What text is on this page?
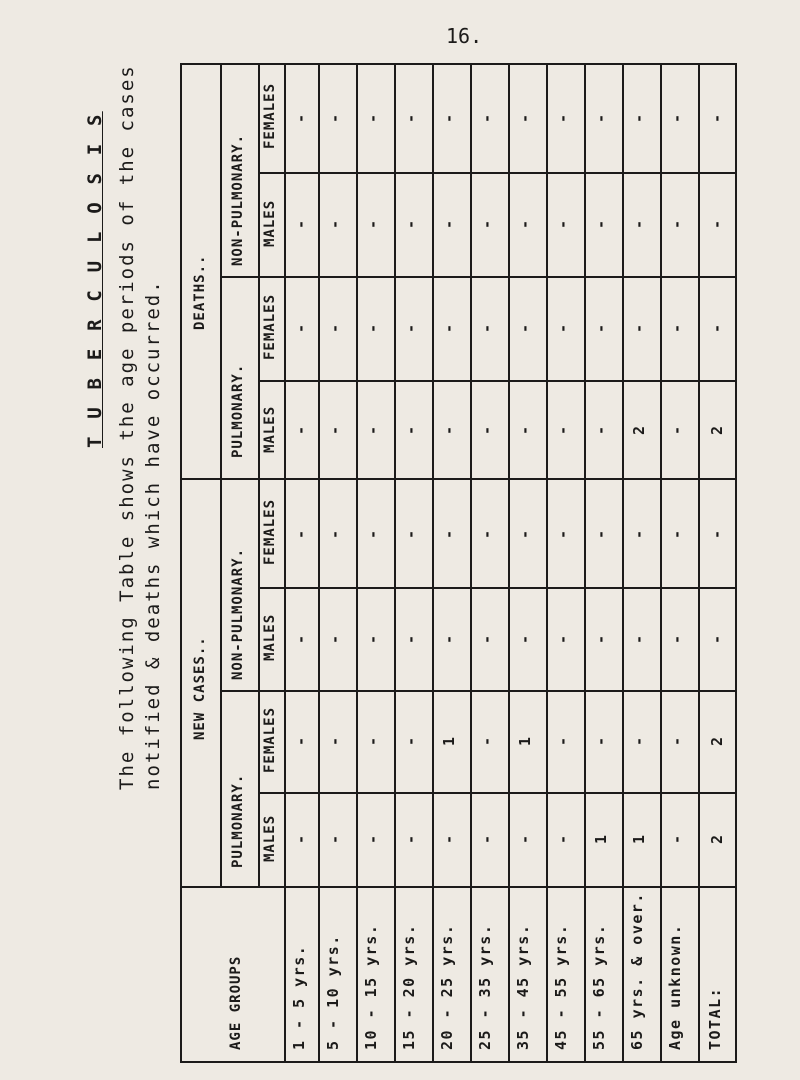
16.
T U B E R C U L O S I S The following Table shows the age periods of the cases notified & deaths which have occurred. DEATHS..
NEW CASES..
NON-PULMONARY.
PULMONARY.
NON-PULMONARY.
PULMONARY.
FEMALES
MALES
FEMALES
MALES
FEMALES
MALES
FEMALES
MALES
AGE GROUPS	1 - 5 yrs.
-
-
-
-
-
-
-
-
5 - 10 yrs.
-
-
-
-
-
-
-
-
10 - 15 yrs.
-
-
-
-
-
-
-
-
15 - 20 yrs.
-
-
-
-
-
-
-
-
20 - 25 yrs.
-
-
-
-
-
-
1
-
25 - 35 yrs.
-
-
-
-
-
-
-
-
35 - 45 yrs.
-
-
-
-
-
-
1
-
45 - 55 yrs.
-
-
-
-
-
-
-
-
55 - 65 yrs.
-
-
-
-
-
-
-
1
65 yrs. & over.
-
-
-
2
-
-
-
1
Age unknown.
-
-
-
-
-
-
-
-
TOTAL:
-
-
-
2
-
-
2
2
